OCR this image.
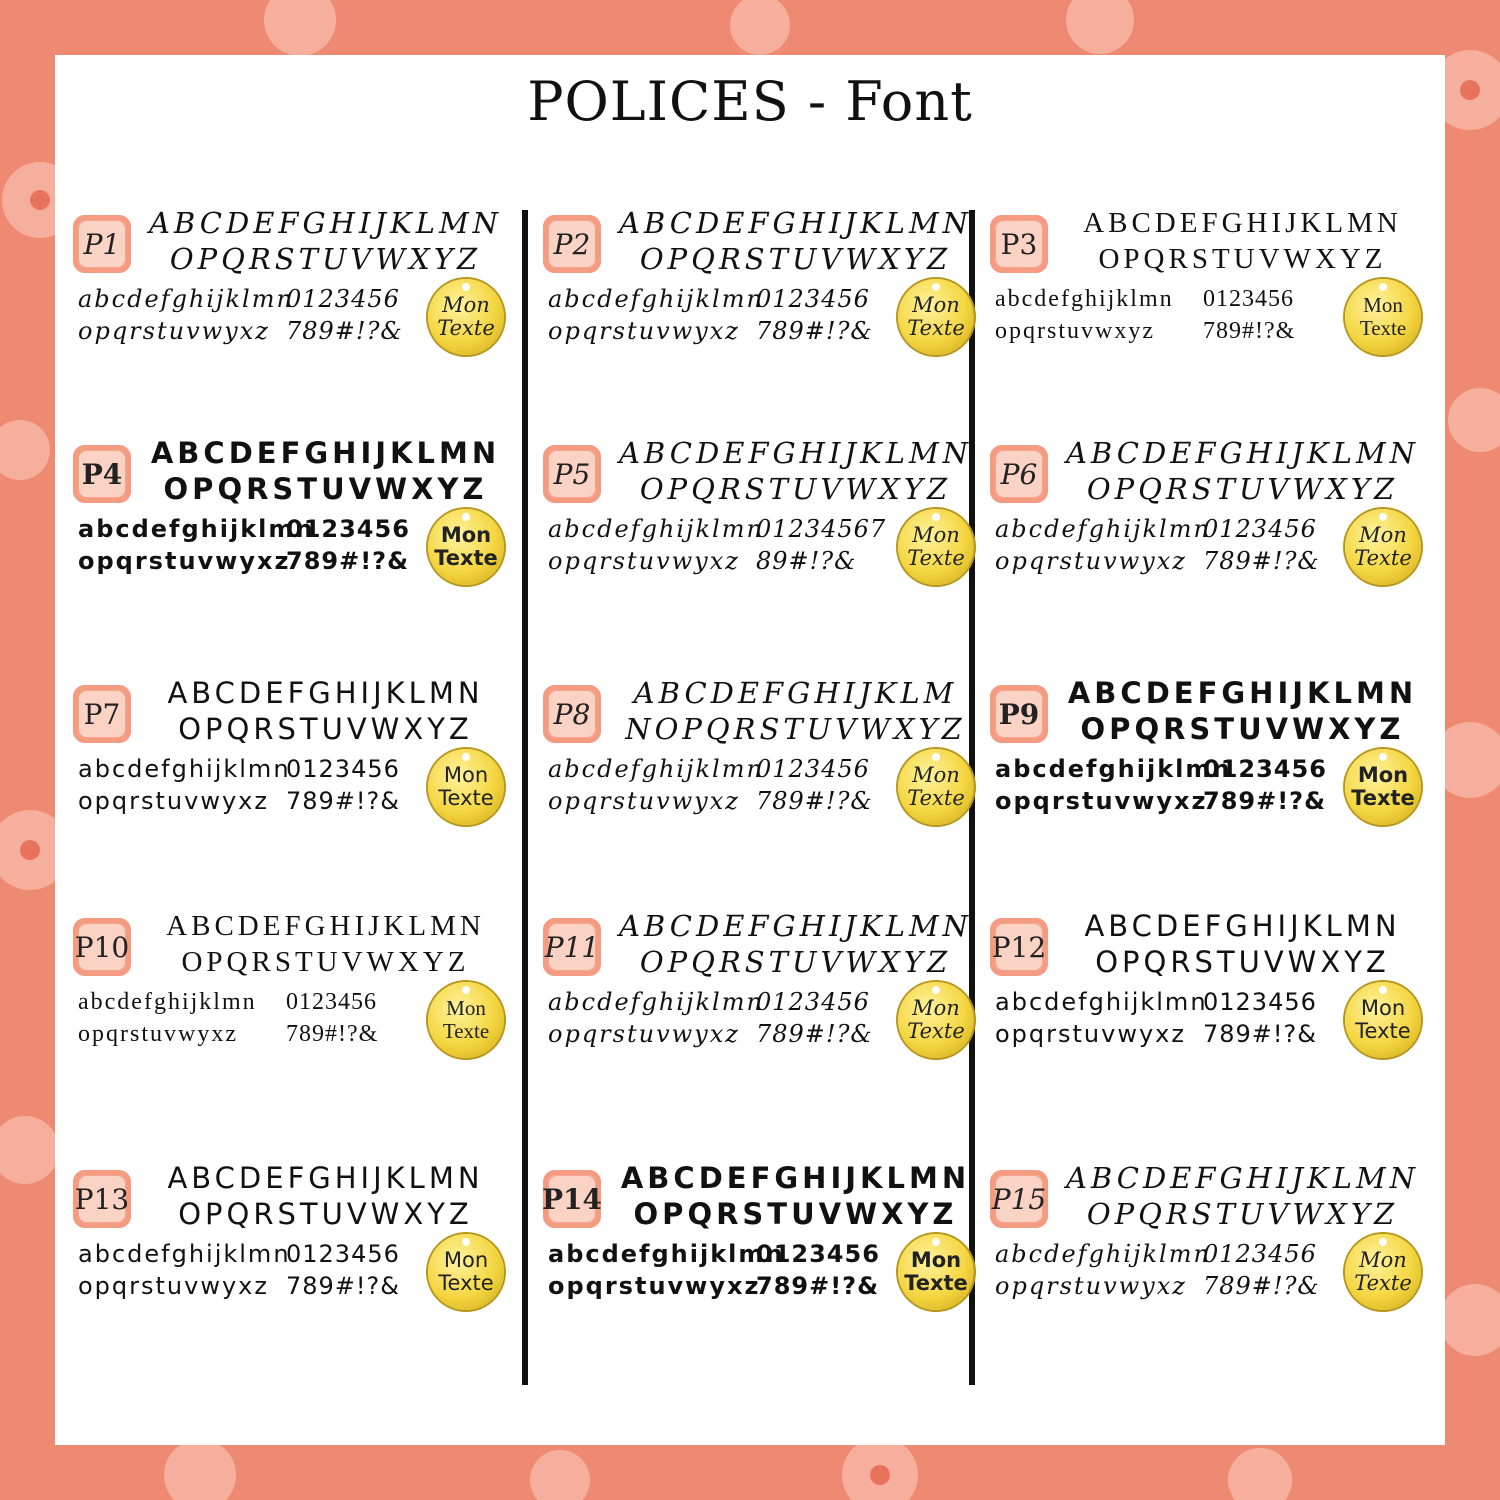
POLICES - Font
P1
ABCDEFGHIJKLMN
OPQRSTUVWXYZ
abcdefghijklmn
opqrstuvwyxz
0123456
789#!?&
Mon
Texte
P2
ABCDEFGHIJKLMN
OPQRSTUVWXYZ
abcdefghijklmn
opqrstuvwyxz
0123456
789#!?&
Mon
Texte
P3
ABCDEFGHIJKLMN
OPQRSTUVWXYZ
abcdefghijklmn
opqrstuvwxyz
0123456
789#!?&
Mon
Texte
P4
ABCDEFGHIJKLMN
OPQRSTUVWXYZ
abcdefghijklmn
opqrstuvwyxz
0123456
789#!?&
Mon
Texte
P5
ABCDEFGHIJKLMN
OPQRSTUVWXYZ
abcdefghijklmn
opqrstuvwyxz
01234567
89#!?&
Mon
Texte
P6
ABCDEFGHIJKLMN
OPQRSTUVWXYZ
abcdefghijklmn
opqrstuvwyxz
0123456
789#!?&
Mon
Texte
P7
ABCDEFGHIJKLMN
OPQRSTUVWXYZ
abcdefghijklmn
opqrstuvwyxz
0123456
789#!?&
Mon
Texte
P8
ABCDEFGHIJKLM
NOPQRSTUVWXYZ
abcdefghijklmn
opqrstuvwyxz
0123456
789#!?&
Mon
Texte
P9
ABCDEFGHIJKLMN
OPQRSTUVWXYZ
abcdefghijklmn
opqrstuvwyxz
0123456
789#!?&
Mon
Texte
P10
ABCDEFGHIJKLMN
OPQRSTUVWXYZ
abcdefghijklmn
opqrstuvwyxz
0123456
789#!?&
Mon
Texte
P11
ABCDEFGHIJKLMN
OPQRSTUVWXYZ
abcdefghijklmn
opqrstuvwyxz
0123456
789#!?&
Mon
Texte
P12
ABCDEFGHIJKLMN
OPQRSTUVWXYZ
abcdefghijklmn
opqrstuvwyxz
0123456
789#!?&
Mon
Texte
P13
ABCDEFGHIJKLMN
OPQRSTUVWXYZ
abcdefghijklmn
opqrstuvwyxz
0123456
789#!?&
Mon
Texte
P14
ABCDEFGHIJKLMN
OPQRSTUVWXYZ
abcdefghijklmn
opqrstuvwyxz
0123456
789#!?&
Mon
Texte
P15
ABCDEFGHIJKLMN
OPQRSTUVWXYZ
abcdefghijklmn
opqrstuvwyxz
0123456
789#!?&
Mon
Texte
